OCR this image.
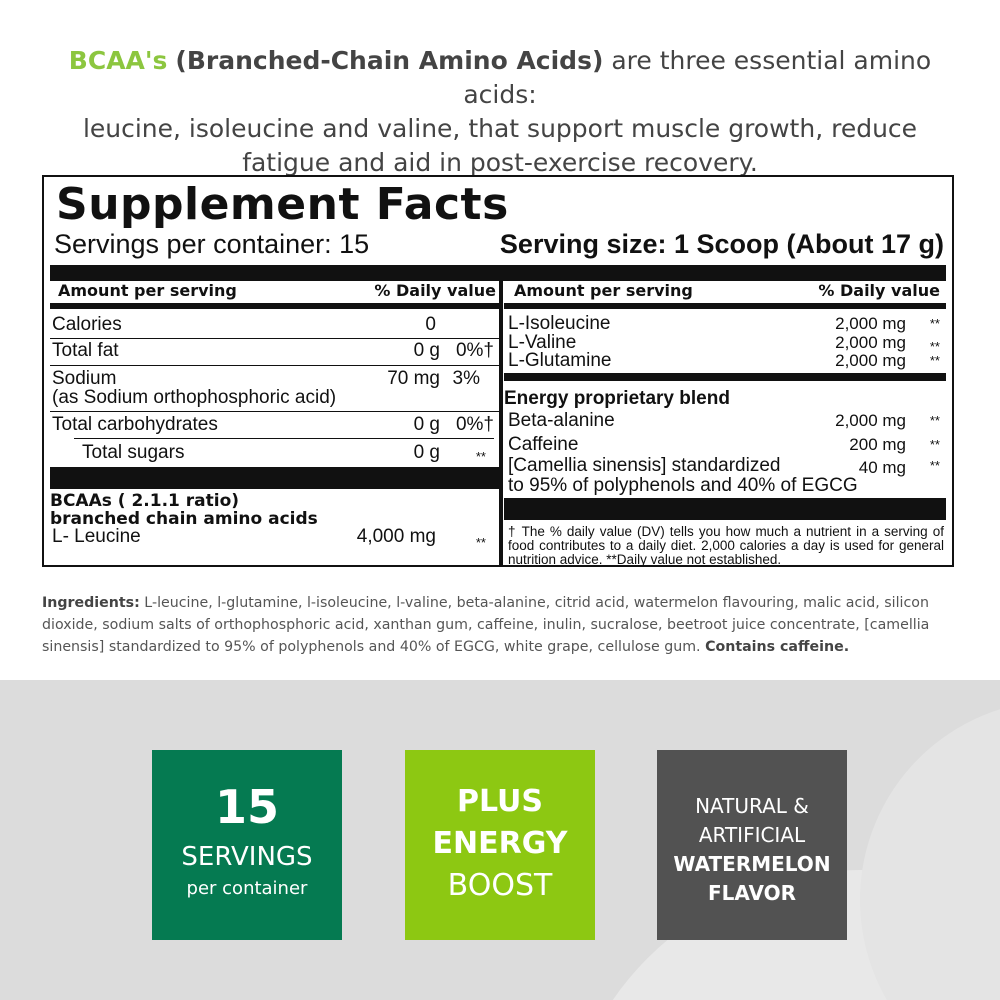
BCAA's (Branched-Chain Amino Acids) are three essential amino acids:
leucine, isoleucine and valine, that support muscle growth, reduce
fatigue and aid in post-exercise recovery.
Supplement Facts
Servings per container: 15	Serving size: 1 Scoop (About 17 g)
Amount per serving	% Daily value
Calories	0
Total fat	0 g 0%†
Sodium	70 mg 3%
(as Sodium orthophosphoric acid)
Total carbohydrates	0 g 0%†
Total sugars	0 g	**
BCAAs ( 2.1.1 ratio)
branched chain amino acids
L- Leucine	4,000 mg	**
Amount per serving	% Daily value
L-Isoleucine	2,000 mg **
L-Valine	2,000 mg **
L-Glutamine	2,000 mg **
Energy proprietary blend
Beta-alanine	2,000 mg **
Caffeine	200 mg **
[Camellia sinensis] standardized	40 mg **
to 95% of polyphenols and 40% of EGCG
† The % daily value (DV) tells you how much a nutrient in a serving of food contributes to a daily diet. 2,000 calories a day is used for general nutrition advice. **Daily value not established.
Ingredients: L-leucine, l-glutamine, l-isoleucine, l-valine, beta-alanine, citrid acid, watermelon flavouring, malic acid, silicon dioxide, sodium salts of orthophosphoric acid, xanthan gum, caffeine, inulin, sucralose, beetroot juice concentrate, [camellia sinensis] standardized to 95% of polyphenols and 40% of EGCG, white grape, cellulose gum. Contains caffeine.
15
SERVINGS
per container
PLUS
ENERGY
BOOST
NATURAL &
ARTIFICIAL
WATERMELON
FLAVOR
